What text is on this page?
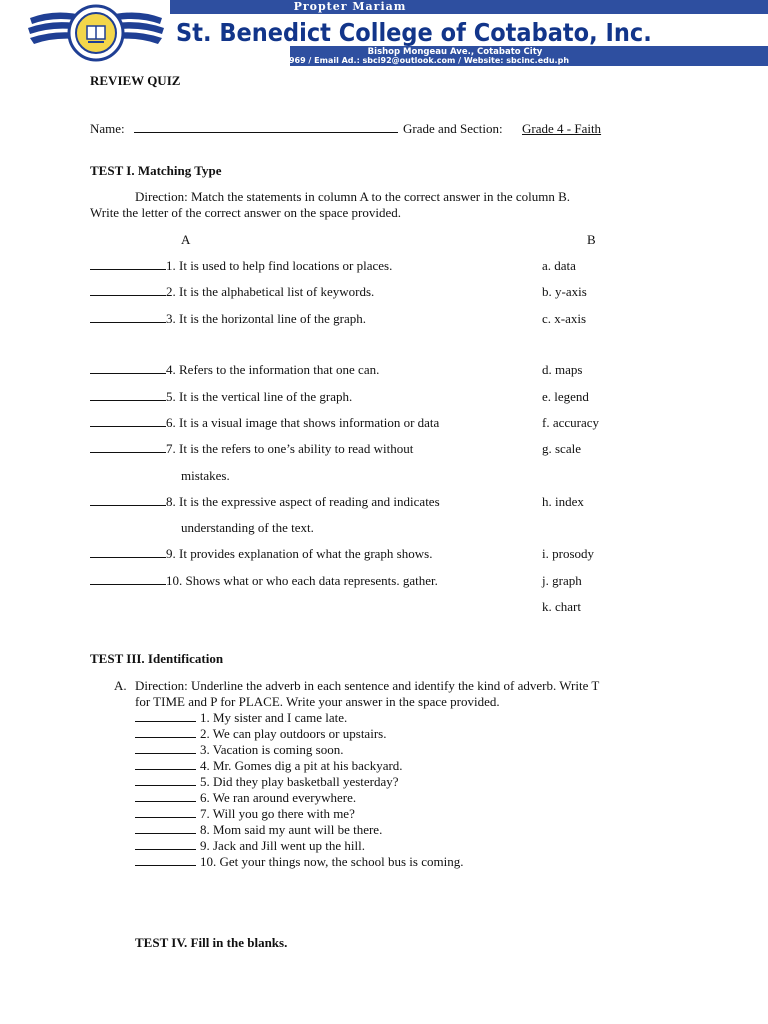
Propter Mariam
St. Benedict College of Cotabato, Inc.
Bishop Mongeau Ave., Cotabato City
Tel No.: (064) 421-1969 / Email Ad.: sbci92@outlook.com / Website: sbcinc.edu.ph
REVIEW QUIZ
Name:	Grade and Section: Grade 4 - Faith
TEST I. Matching Type
Direction: Match the statements in column A to the correct answer in the column B.
Write the letter of the correct answer on the space provided.
A	B
1. It is used to help find locations or places.
2. It is the alphabetical list of keywords.
3. It is the horizontal line of the graph.
4. Refers to the information that one can.
5. It is the vertical line of the graph.
6. It is a visual image that shows information or data
7. It is the refers to one’s ability to read without
mistakes.
8. It is the expressive aspect of reading and indicates
understanding of the text.
9. It provides explanation of what the graph shows.
10. Shows what or who each data represents. gather.
a. data
b. y-axis
c. x-axis
d. maps
e. legend
f. accuracy
g. scale
h. index
i. prosody
j. graph
k. chart
TEST III. Identification
A. Direction: Underline the adverb in each sentence and identify the kind of adverb. Write T
for TIME and P for PLACE. Write your answer in the space provided.
1. My sister and I came late.
2. We can play outdoors or upstairs.
3. Vacation is coming soon.
4. Mr. Gomes dig a pit at his backyard.
5. Did they play basketball yesterday?
6. We ran around everywhere.
7. Will you go there with me?
8. Mom said my aunt will be there.
9. Jack and Jill went up the hill.
10. Get your things now, the school bus is coming.
TEST IV. Fill in the blanks.
